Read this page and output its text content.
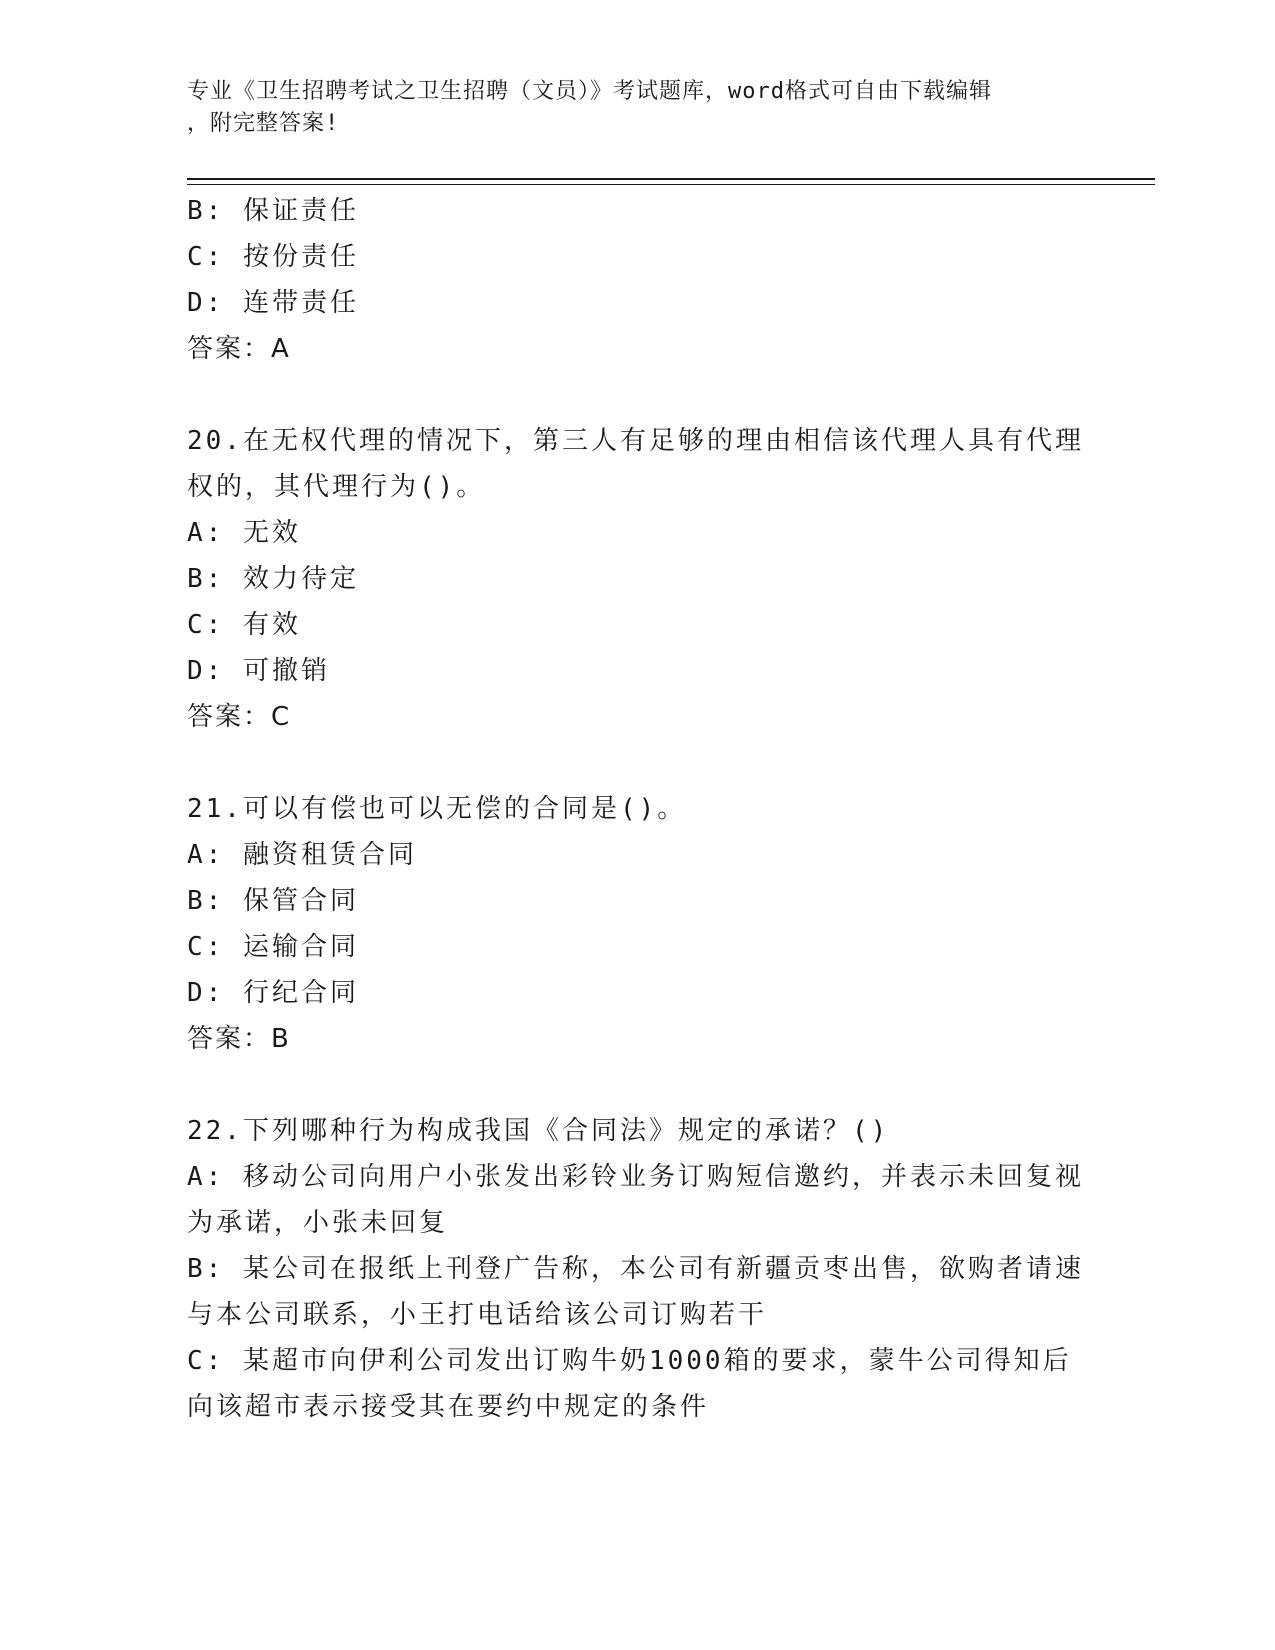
专业《卫生招聘考试之卫生招聘（文员）》考试题库，word格式可自由下载编辑
，附完整答案!

B: 保证责任

C: 按份责任

D: 连带责任

答案：A

20.在无权代理的情况下，第三人有足够的理由相信该代理人具有代理

权的，其代理行为()。

A: 无效

B: 效力待定

C: 有效

D: 可撤销

答案：C

21.可以有偿也可以无偿的合同是()。

A: 融资租赁合同

B: 保管合同

C: 运输合同

D: 行纪合同

答案：B

22.下列哪种行为构成我国《合同法》规定的承诺？()

A: 移动公司向用户小张发出彩铃业务订购短信邀约，并表示未回复视

为承诺，小张未回复

B: 某公司在报纸上刊登广告称，本公司有新疆贡枣出售，欲购者请速

与本公司联系，小王打电话给该公司订购若干

C: 某超市向伊利公司发出订购牛奶1000箱的要求，蒙牛公司得知后

向该超市表示接受其在要约中规定的条件
